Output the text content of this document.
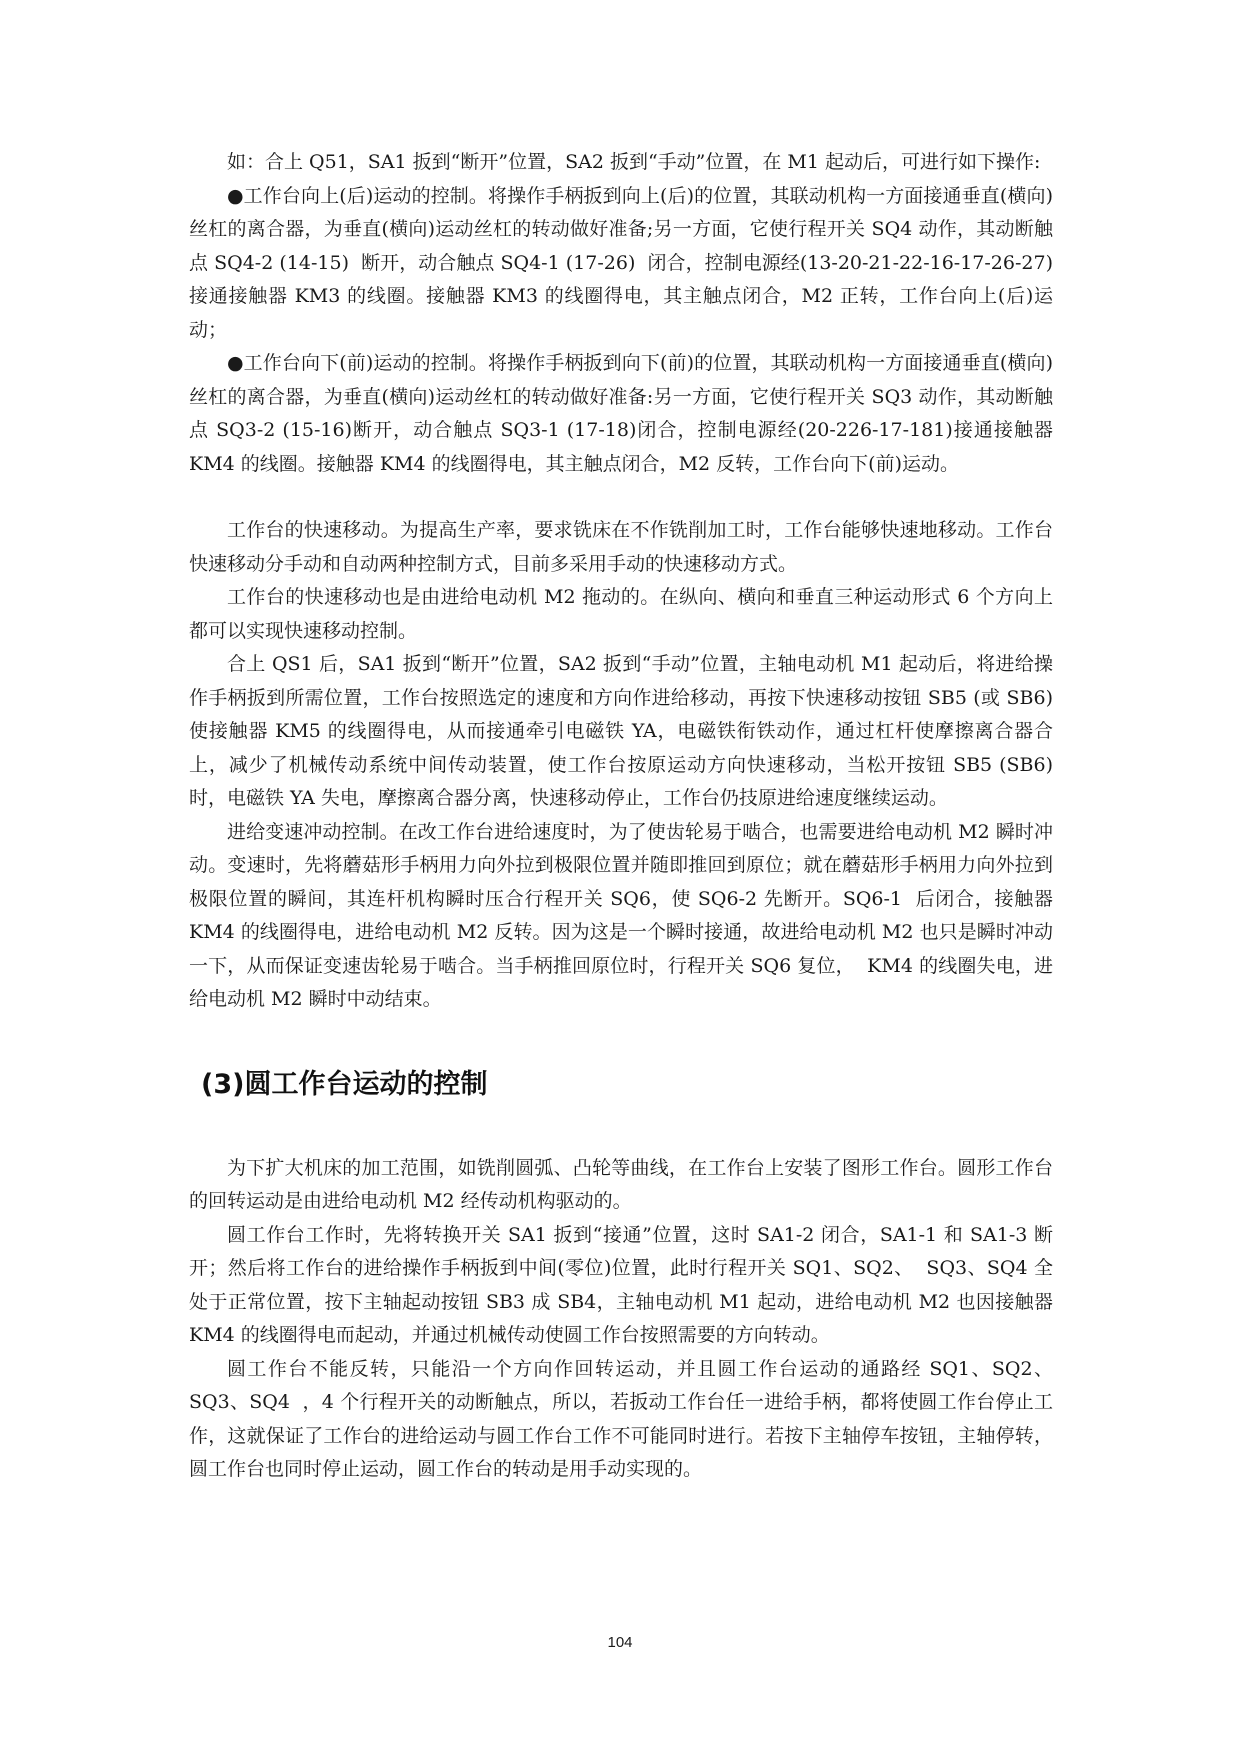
如：合上 Q51，SA1 扳到“断开”位置，SA2 扳到“手动”位置，在 M1 起动后，可进行如下操作:

●工作台向上(后)运动的控制。将操作手柄扳到向上(后)的位置，其联动机构一方面接通垂直(横向)丝杠的离合器，为垂直(横向)运动丝杠的转动做好准备;另一方面，它使行程开关 SQ4 动作，其动断触点 SQ4-2 (14-15)  断开，动合触点 SQ4-1 (17-26)  闭合，控制电源经(13-20-21-22-16-17-26-27)  接通接触器 KM3 的线圈。接触器 KM3 的线圈得电，其主触点闭合，M2 正转，工作台向上(后)运动；

●工作台向下(前)运动的控制。将操作手柄扳到向下(前)的位置，其联动机构一方面接通垂直(横向)丝杠的离合器，为垂直(横向)运动丝杠的转动做好准备:另一方面，它使行程开关 SQ3 动作，其动断触点 SQ3-2 (15-16)断开，动合触点 SQ3-1 (17-18)闭合，控制电源经(20-226-17-181)接通接触器 KM4 的线圈。接触器 KM4 的线圈得电，其主触点闭合，M2 反转，工作台向下(前)运动。

工作台的快速移动。为提高生产率，要求铣床在不作铣削加工时，工作台能够快速地移动。工作台快速移动分手动和自动两种控制方式，目前多采用手动的快速移动方式。

工作台的快速移动也是由进给电动机 M2 拖动的。在纵向、横向和垂直三种运动形式 6 个方向上都可以实现快速移动控制。

合上 QS1 后，SA1 扳到“断开”位置，SA2 扳到“手动”位置，主轴电动机 M1 起动后，将进给操作手柄扳到所需位置，工作台按照选定的速度和方向作进给移动，再按下快速移动按钮 SB5 (或 SB6)使接触器 KM5 的线圈得电，从而接通牵引电磁铁 YA，电磁铁衔铁动作，通过杠杆使摩擦离合器合上，减少了机械传动系统中间传动装置，使工作台按原运动方向快速移动，当松开按钮 SB5 (SB6)时，电磁铁 YA 失电，摩擦离合器分离，快速移动停止，工作台仍技原进给速度继续运动。

进给变速冲动控制。在改工作台进给速度时，为了使齿轮易于啮合，也需要进给电动机 M2 瞬时冲动。变速时，先将蘑菇形手柄用力向外拉到极限位置并随即推回到原位；就在蘑菇形手柄用力向外拉到极限位置的瞬间，其连杆机构瞬时压合行程开关 SQ6，使 SQ6-2 先断开。SQ6-1  后闭合，接触器 KM4 的线圈得电，进给电动机 M2 反转。因为这是一个瞬时接通，故进给电动机 M2 也只是瞬时冲动一下，从而保证变速齿轮易于啮合。当手柄推回原位时，行程开关 SQ6 复位，  KM4 的线圈失电，进给电动机 M2 瞬时中动结束。

(3)圆工作台运动的控制

为下扩大机床的加工范围，如铣削圆弧、凸轮等曲线，在工作台上安装了图形工作台。圆形工作台的回转运动是由进给电动机 M2 经传动机构驱动的。

圆工作台工作时，先将转换开关 SA1 扳到“接通”位置，这时 SA1-2 闭合，SA1-1 和 SA1-3 断开；然后将工作台的进给操作手柄扳到中间(零位)位置，此时行程开关 SQ1、SQ2、  SQ3、SQ4 全处于正常位置，按下主轴起动按钮 SB3 成 SB4，主轴电动机 M1 起动，进给电动机 M2 也因接触器 KM4 的线圈得电而起动，并通过机械传动使圆工作台按照需要的方向转动。

圆工作台不能反转，只能沿一个方向作回转运动，并且圆工作台运动的通路经 SQ1、SQ2、SQ3、SQ4  ，4 个行程开关的动断触点，所以，若扳动工作台任一进给手柄，都将使圆工作台停止工作，这就保证了工作台的进给运动与圆工作台工作不可能同时进行。若按下主轴停车按钮，主轴停转，圆工作台也同时停止运动，圆工作台的转动是用手动实现的。

104
